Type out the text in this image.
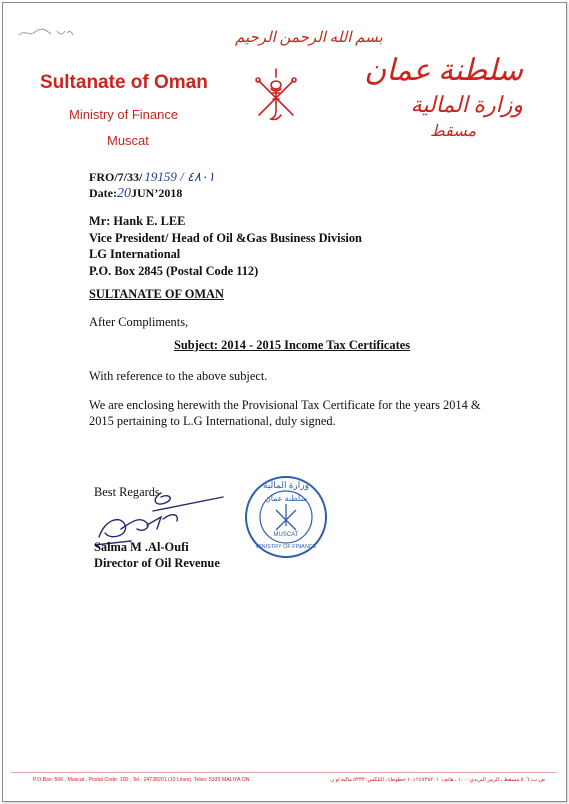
بسم الله الرحمن الرحيم
Sultanate of Oman
Ministry of Finance
Muscat
سلطنة عمان
وزارة المالية
مسقط
FRO/7/33/ 19159 / ٤٨٠١
Date:20JUN’2018
Mr: Hank E. LEE
Vice President/ Head of Oil &Gas Business Division
LG International
P.O. Box 2845 (Postal Code 112)
SULTANATE OF OMAN
After Compliments,
Subject: 2014 - 2015 Income Tax Certificates
With reference to the above subject.
We are enclosing herewith the Provisional Tax Certificate for the years 2014 &
2015 pertaining to L.G International, duly signed.
Best Regards
Salma M .Al-Oufi
Director of Oil Revenue
وزارة المالية
سلطنة عمان
MUSCAT
MINISTRY OF FINANCE
P.O.Box: 506 , Muscat , Postal Code: 100 , Tel.: 24738201 (10 Lines), Telex: 5333 MALIYA ON	ص.ب: ٥٠٦ مسقط ، الرمز البريدي: ١٠٠ ، هاتف: ٢٤٧٣٨٢٠١ (١٠ خطوط) ، التلكس: ٥٣٣٣ مالية أو ن
